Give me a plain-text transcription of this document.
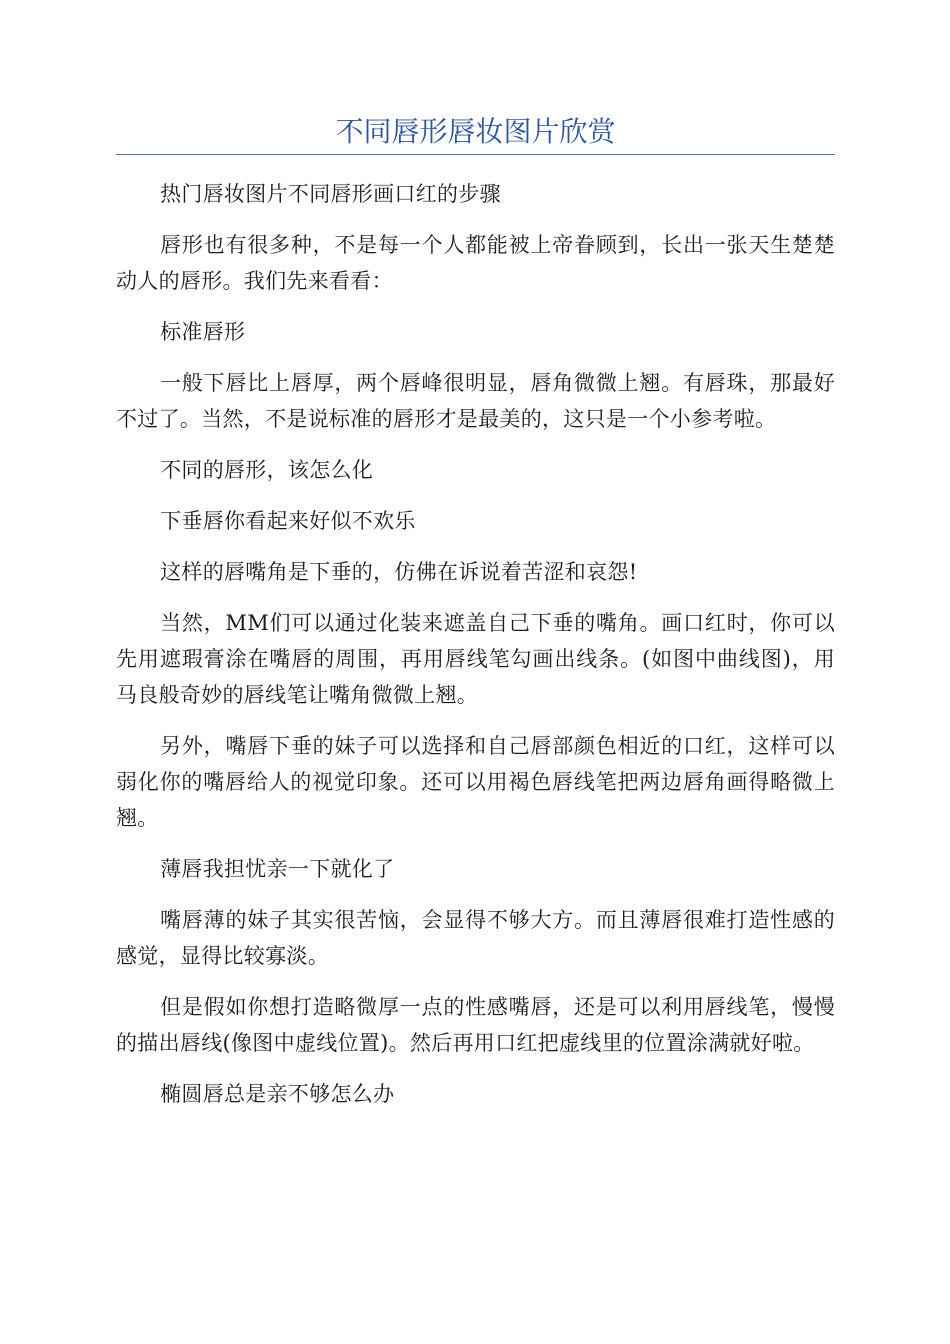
不同唇形唇妆图片欣赏

热门唇妆图片不同唇形画口红的步骤

唇形也有很多种，不是每一个人都能被上帝眷顾到，长出一张天生楚楚动人的唇形。我们先来看看：

标准唇形

一般下唇比上唇厚，两个唇峰很明显，唇角微微上翘。有唇珠，那最好不过了。当然，不是说标准的唇形才是最美的，这只是一个小参考啦。

不同的唇形，该怎么化

下垂唇你看起来好似不欢乐

这样的唇嘴角是下垂的，仿佛在诉说着苦涩和哀怨!

当然，MM们可以通过化装来遮盖自己下垂的嘴角。画口红时，你可以先用遮瑕膏涂在嘴唇的周围，再用唇线笔勾画出线条。(如图中曲线图)，用马良般奇妙的唇线笔让嘴角微微上翘。

另外，嘴唇下垂的妹子可以选择和自己唇部颜色相近的口红，这样可以弱化你的嘴唇给人的视觉印象。还可以用褐色唇线笔把两边唇角画得略微上翘。

薄唇我担忧亲一下就化了

嘴唇薄的妹子其实很苦恼，会显得不够大方。而且薄唇很难打造性感的感觉，显得比较寡淡。

但是假如你想打造略微厚一点的性感嘴唇，还是可以利用唇线笔，慢慢的描出唇线(像图中虚线位置)。然后再用口红把虚线里的位置涂满就好啦。

椭圆唇总是亲不够怎么办
